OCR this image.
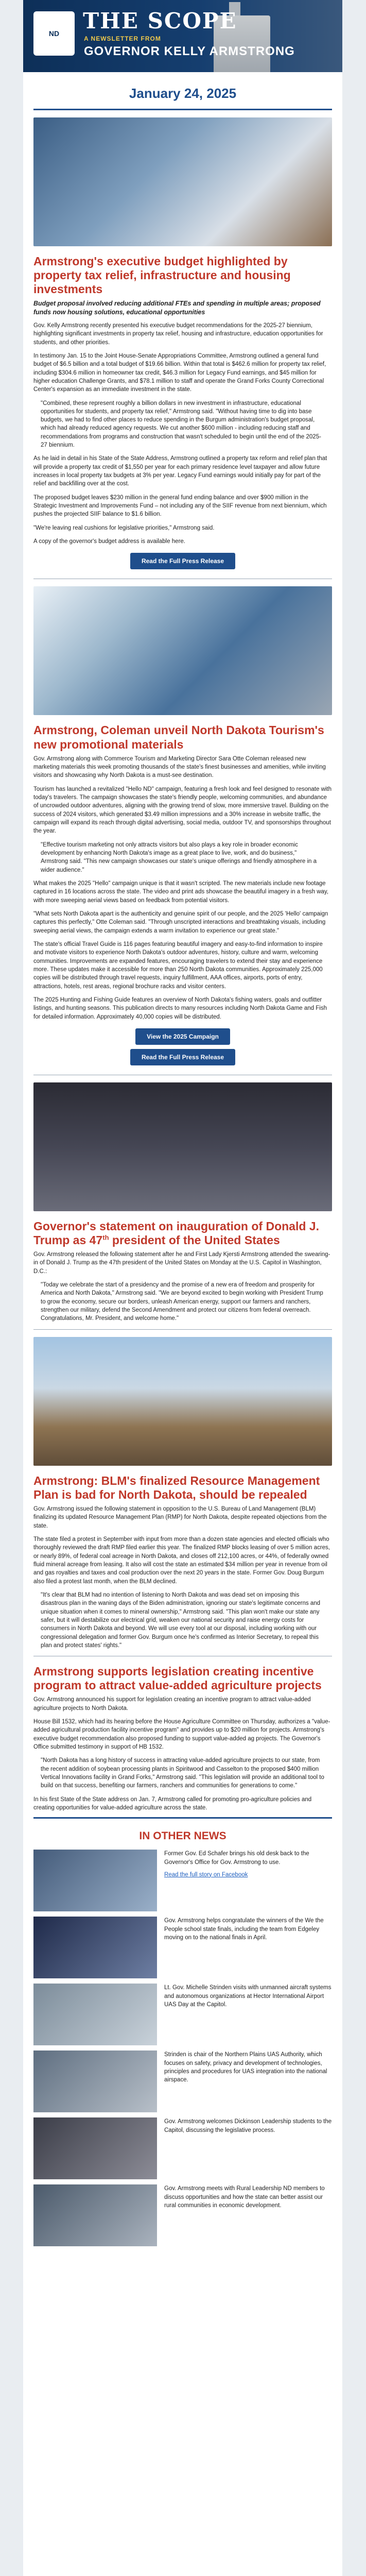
ND	THE SCOPE
A NEWSLETTER FROM
GOVERNOR KELLY ARMSTRONG
January 24, 2025
Armstrong's executive budget highlighted by property tax relief, infrastructure and housing investments
Budget proposal involved reducing additional FTEs and spending in multiple areas; proposed funds now housing solutions, educational opportunities
Gov. Kelly Armstrong recently presented his executive budget recommendations for the 2025-27 biennium, highlighting significant investments in property tax relief, housing and infrastructure, education opportunities for students, and other priorities.
In testimony Jan. 15 to the Joint House-Senate Appropriations Committee, Armstrong outlined a general fund budget of $6.5 billion and a total budget of $19.66 billion. Within that total is $462.6 million for property tax relief, including $304.6 million in homeowner tax credit, $46.3 million for Legacy Fund earnings, and $45 million for higher education Challenge Grants, and $78.1 million to staff and operate the Grand Forks County Correctional Center's expansion as an immediate investment in the state.
"Combined, these represent roughly a billion dollars in new investment in infrastructure, educational opportunities for students, and property tax relief," Armstrong said. "Without having time to dig into base budgets, we had to find other places to reduce spending in the Burgum administration's budget proposal, which had already reduced agency requests. We cut another $600 million - including reducing staff and recommendations from programs and construction that wasn't scheduled to begin until the end of the 2025-27 biennium.
As he laid in detail in his State of the State Address, Armstrong outlined a property tax reform and relief plan that will provide a property tax credit of $1,550 per year for each primary residence level taxpayer and allow future increases in local property tax budgets at 3% per year. Legacy Fund earnings would initially pay for part of the relief and backfilling over at the cost.
The proposed budget leaves $230 million in the general fund ending balance and over $900 million in the Strategic Investment and Improvements Fund – not including any of the SIIF revenue from next biennium, which pushes the projected SIIF balance to $1.6 billion.
"We're leaving real cushions for legislative priorities," Armstrong said.
A copy of the governor's budget address is available here.
Read the Full Press Release
Armstrong, Coleman unveil North Dakota Tourism's new promotional materials
Gov. Armstrong along with Commerce Tourism and Marketing Director Sara Otte Coleman released new marketing materials this week promoting thousands of the state's finest businesses and amenities, while inviting visitors and showcasing why North Dakota is a must-see destination.
Tourism has launched a revitalized "Hello ND" campaign, featuring a fresh look and feel designed to resonate with today's travelers. The campaign showcases the state's friendly people, welcoming communities, and abundance of uncrowded outdoor adventures, aligning with the growing trend of slow, more immersive travel. Building on the success of 2024 visitors, which generated $3.49 million impressions and a 30% increase in website traffic, the campaign will expand its reach through digital advertising, social media, outdoor TV, and sponsorships throughout the year.
"Effective tourism marketing not only attracts visitors but also plays a key role in broader economic development by enhancing North Dakota's image as a great place to live, work, and do business," Armstrong said. "This new campaign showcases our state's unique offerings and friendly atmosphere in a wider audience."
What makes the 2025 "Hello" campaign unique is that it wasn't scripted. The new materials include new footage captured in 16 locations across the state. The video and print ads showcase the beautiful imagery in a fresh way, with more sweeping aerial views based on feedback from potential visitors.
"What sets North Dakota apart is the authenticity and genuine spirit of our people, and the 2025 'Hello' campaign captures this perfectly," Otte Coleman said. "Through unscripted interactions and breathtaking visuals, including sweeping aerial views, the campaign extends a warm invitation to experience our great state."
The state's official Travel Guide is 116 pages featuring beautiful imagery and easy-to-find information to inspire and motivate visitors to experience North Dakota's outdoor adventures, history, culture and warm, welcoming communities. Improvements are expanded features, encouraging travelers to extend their stay and experience more. These updates make it accessible for more than 250 North Dakota communities. Approximately 225,000 copies will be distributed through travel requests, inquiry fulfillment, AAA offices, airports, ports of entry, attractions, hotels, rest areas, regional brochure racks and visitor centers.
The 2025 Hunting and Fishing Guide features an overview of North Dakota's fishing waters, goals and outfitter listings, and hunting seasons. This publication directs to many resources including North Dakota Game and Fish for detailed information. Approximately 40,000 copies will be distributed.
View the 2025 Campaign
Read the Full Press Release
Governor's statement on inauguration of Donald J. Trump as 47th president of the United States
Gov. Armstrong released the following statement after he and First Lady Kjersti Armstrong attended the swearing-in of Donald J. Trump as the 47th president of the United States on Monday at the U.S. Capitol in Washington, D.C.:
"Today we celebrate the start of a presidency and the promise of a new era of freedom and prosperity for America and North Dakota," Armstrong said. "We are beyond excited to begin working with President Trump to grow the economy, secure our borders, unleash American energy, support our farmers and ranchers, strengthen our military, defend the Second Amendment and protect our citizens from federal overreach. Congratulations, Mr. President, and welcome home."
Armstrong: BLM's finalized Resource Management Plan is bad for North Dakota, should be repealed
Gov. Armstrong issued the following statement in opposition to the U.S. Bureau of Land Management (BLM) finalizing its updated Resource Management Plan (RMP) for North Dakota, despite repeated objections from the state.
The state filed a protest in September with input from more than a dozen state agencies and elected officials who thoroughly reviewed the draft RMP filed earlier this year. The finalized RMP blocks leasing of over 5 million acres, or nearly 89%, of federal coal acreage in North Dakota, and closes off 212,100 acres, or 44%, of federally owned fluid mineral acreage from leasing. It also will cost the state an estimated $34 million per year in revenue from oil and gas royalties and taxes and coal production over the next 20 years in the state. Former Gov. Doug Burgum also filed a protest last month, when the BLM declined.
"It's clear that BLM had no intention of listening to North Dakota and was dead set on imposing this disastrous plan in the waning days of the Biden administration, ignoring our state's legitimate concerns and unique situation when it comes to mineral ownership," Armstrong said. "This plan won't make our state any safer, but it will destabilize our electrical grid, weaken our national security and raise energy costs for consumers in North Dakota and beyond. We will use every tool at our disposal, including working with our congressional delegation and former Gov. Burgum once he's confirmed as Interior Secretary, to repeal this plan and protect states' rights."
Armstrong supports legislation creating incentive program to attract value-added agriculture projects
Gov. Armstrong announced his support for legislation creating an incentive program to attract value-added agriculture projects to North Dakota.
House Bill 1532, which had its hearing before the House Agriculture Committee on Thursday, authorizes a "value-added agricultural production facility incentive program" and provides up to $20 million for projects. Armstrong's executive budget recommendation also proposed funding to support value-added ag projects. The Governor's Office submitted testimony in support of HB 1532.
"North Dakota has a long history of success in attracting value-added agriculture projects to our state, from the recent addition of soybean processing plants in Spiritwood and Casselton to the proposed $400 million Vertical Innovations facility in Grand Forks," Armstrong said. "This legislation will provide an additional tool to build on that success, benefiting our farmers, ranchers and communities for generations to come."
In his first State of the State address on Jan. 7, Armstrong called for promoting pro-agriculture policies and creating opportunities for value-added agriculture across the state.
IN OTHER NEWS
Former Gov. Ed Schafer brings his old desk back to the Governor's Office for Gov. Armstrong to use.
Read the full story on Facebook
Gov. Armstrong helps congratulate the winners of the We the People school state finals, including the team from Edgeley moving on to the national finals in April.
Lt. Gov. Michelle Strinden visits with unmanned aircraft systems and autonomous organizations at Hector International Airport UAS Day at the Capitol.
Strinden is chair of the Northern Plains UAS Authority, which focuses on safety, privacy and development of technologies, principles and procedures for UAS integration into the national airspace.
Gov. Armstrong welcomes Dickinson Leadership students to the Capitol, discussing the legislative process.
Gov. Armstrong meets with Rural Leadership ND members to discuss opportunities and how the state can better assist our rural communities in economic development.
